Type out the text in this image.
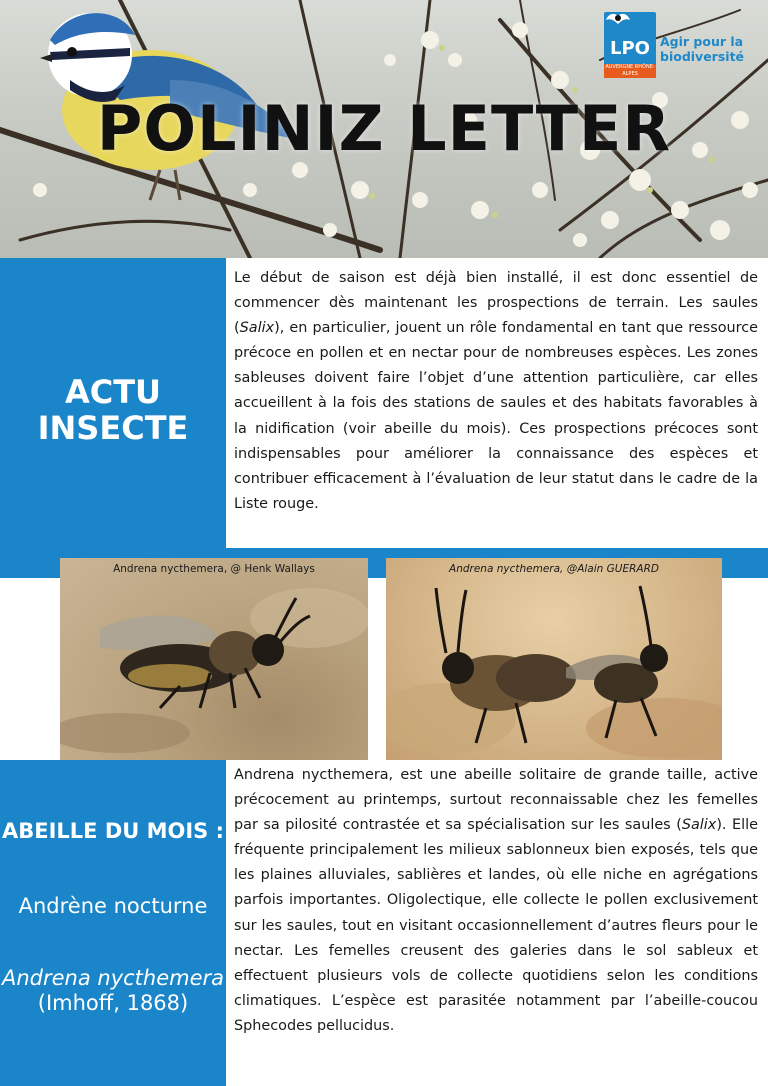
POLINIZ LETTER
LPO
AUVERGNE RHÔNE-ALPES
Agir pour la biodiversité
ACTU INSECTE

Le début de saison est déjà bien installé, il est donc essentiel de commencer dès maintenant les prospections de terrain. Les saules (Salix), en particulier, jouent un rôle fondamental en tant que ressource précoce en pollen et en nectar pour de nombreuses espèces. Les zones sableuses doivent faire l’objet d’une attention particulière, car elles accueillent à la fois des stations de saules et des habitats favorables à la nidification (voir abeille du mois). Ces prospections précoces sont indispensables pour améliorer la connaissance des espèces et contribuer efficacement à l’évaluation de leur statut dans le cadre de la Liste rouge.

Andrena nycthemera, @ Henk Wallays	Andrena nycthemera, @Alain GUERARD
ABEILLE DU MOIS :
Andrène nocturne
Andrena nycthemera
(Imhoff, 1868)

Andrena nycthemera, est une abeille solitaire de grande taille, active précocement au printemps, surtout reconnaissable chez les femelles par sa pilosité contrastée et sa spécialisation sur les saules (Salix). Elle fréquente principalement les milieux sablonneux bien exposés, tels que les plaines alluviales, sablières et landes, où elle niche en agrégations parfois importantes. Oligolectique, elle collecte le pollen exclusivement sur les saules, tout en visitant occasionnellement d’autres fleurs pour le nectar. Les femelles creusent des galeries dans le sol sableux et effectuent plusieurs vols de collecte quotidiens selon les conditions climatiques. L’espèce est parasitée notamment par l’abeille-coucou Sphecodes pellucidus.
